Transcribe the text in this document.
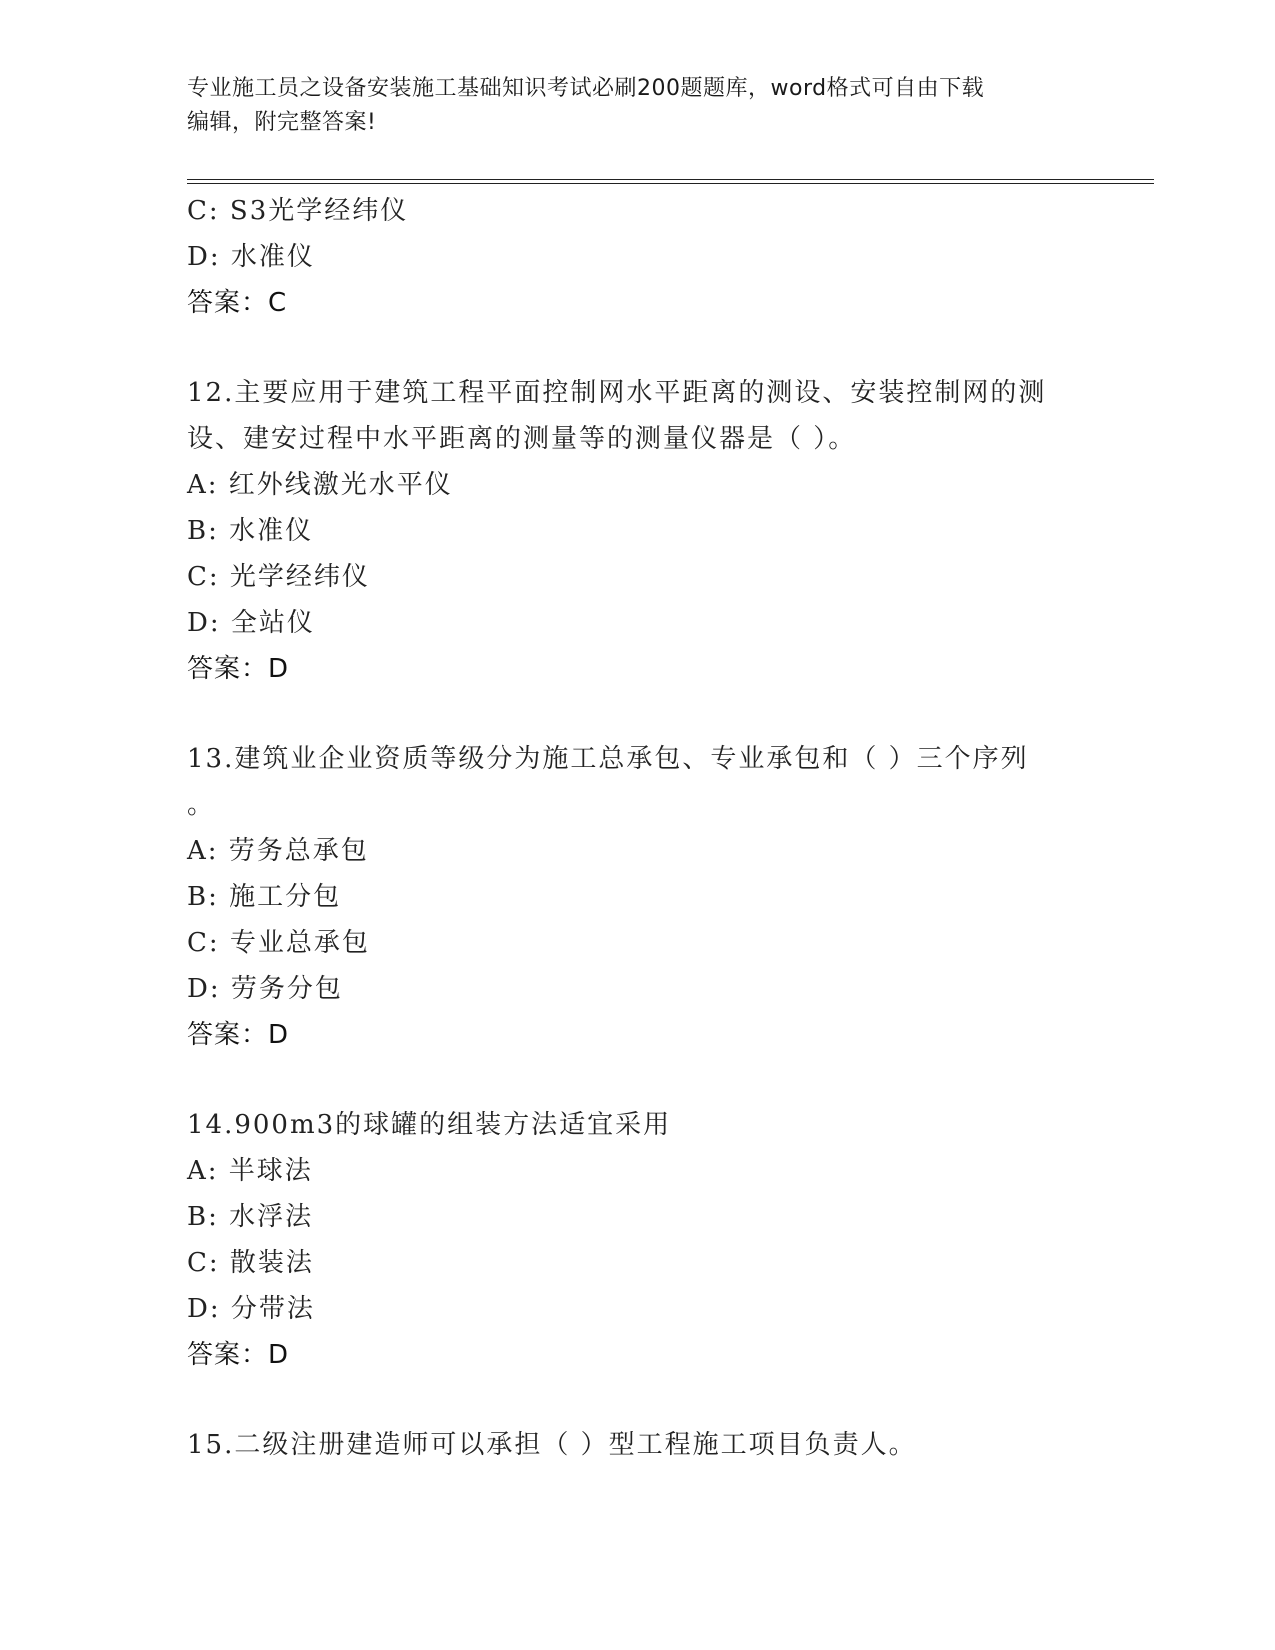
专业施工员之设备安装施工基础知识考试必刷200题题库，word格式可自由下载
编辑，附完整答案!
C: S3光学经纬仪
D: 水准仪
答案：C
12.主要应用于建筑工程平面控制网水平距离的测设、安装控制网的测
设、建安过程中水平距离的测量等的测量仪器是（ ）。
A: 红外线激光水平仪
B: 水准仪
C: 光学经纬仪
D: 全站仪
答案：D
13.建筑业企业资质等级分为施工总承包、专业承包和（ ）三个序列
。
A: 劳务总承包
B: 施工分包
C: 专业总承包
D: 劳务分包
答案：D
14.900m3的球罐的组装方法适宜采用
A: 半球法
B: 水浮法
C: 散装法
D: 分带法
答案：D
15.二级注册建造师可以承担（ ）型工程施工项目负责人。
